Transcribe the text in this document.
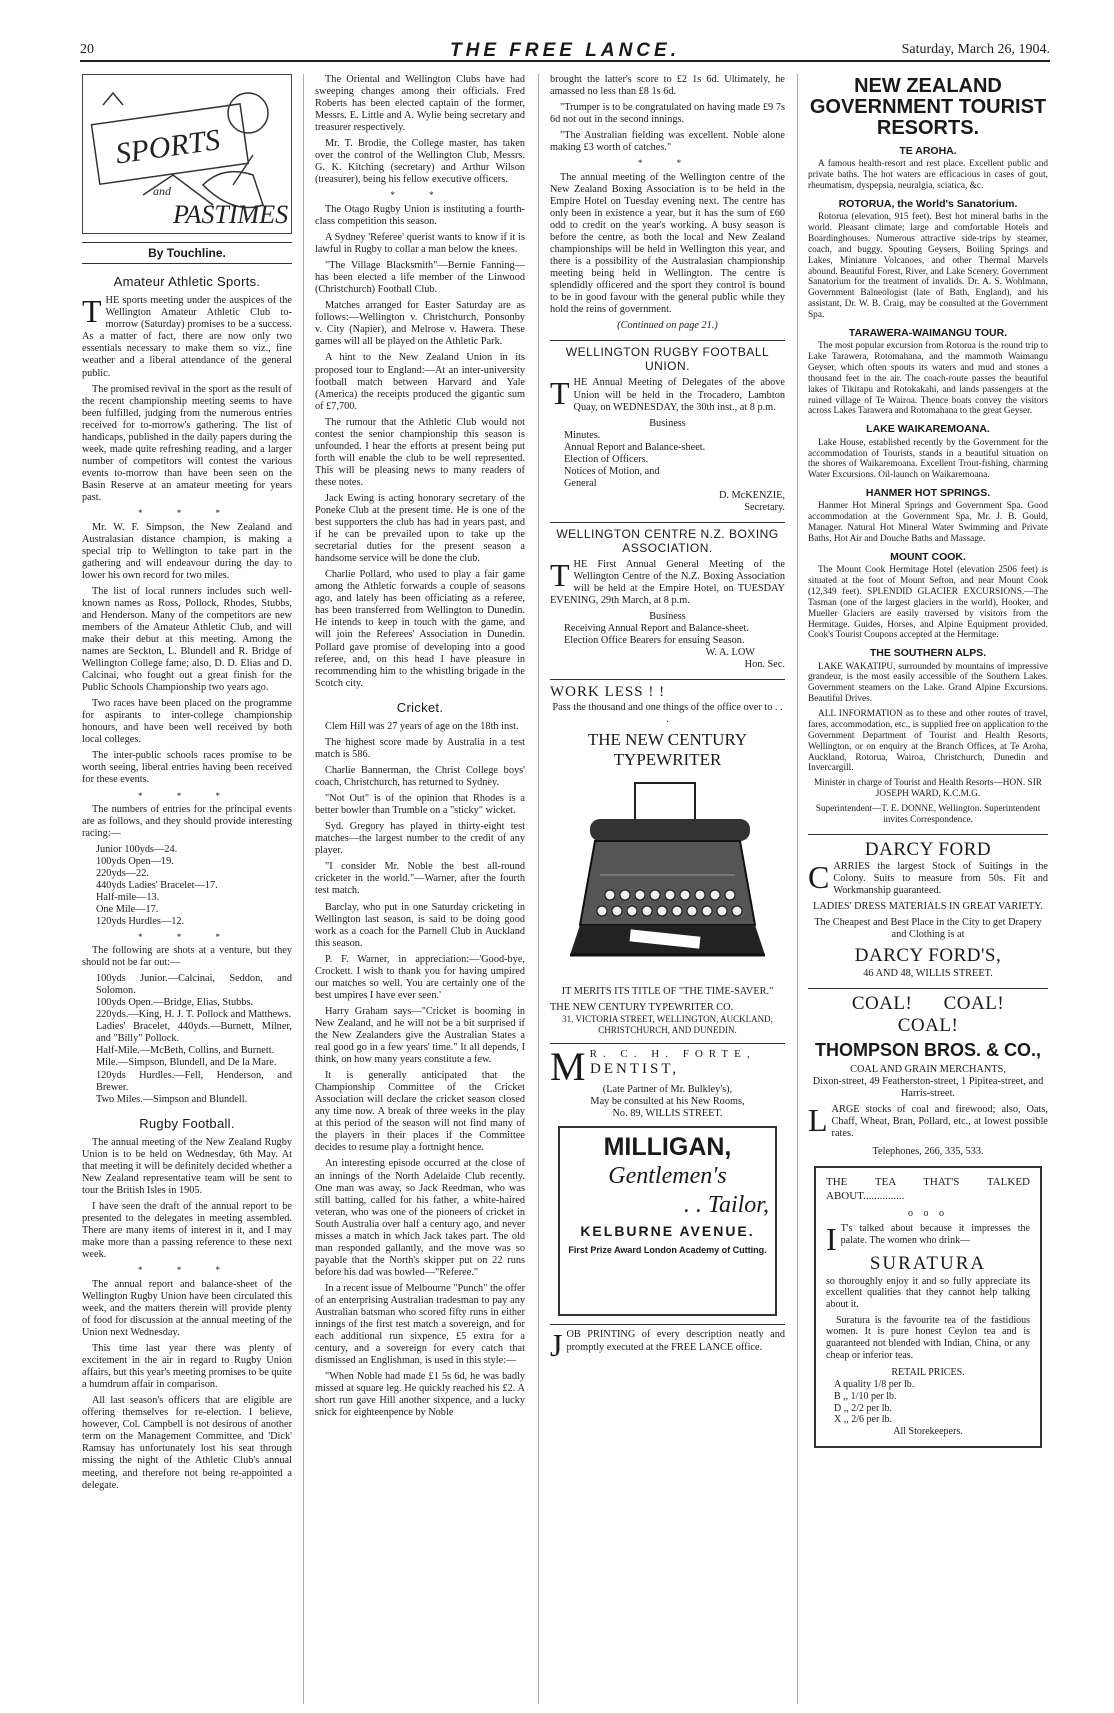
20	THE FREE LANCE.	Saturday, March 26, 1904.
SPORTS
and
PASTIMES
By Touchline.
Amateur Athletic Sports.

THE sports meeting under the auspices of the Wellington Amateur Athletic Club to-morrow (Saturday) promises to be a success. As a matter of fact, there are now only two essentials necessary to make them so viz., fine weather and a liberal attendance of the general public.

The promised revival in the sport as the result of the recent championship meeting seems to have been fulfilled, judging from the numerous entries received for to-morrow's gathering. The list of handicaps, published in the daily papers during the week, made quite refreshing reading, and a larger number of competitors will contest the various events to-morrow than have been seen on the Basin Reserve at an amateur meeting for years past.

* * *

Mr. W. F. Simpson, the New Zealand and Australasian distance champion, is making a special trip to Wellington to take part in the gathering and will endeavour during the day to lower his own record for two miles.

The list of local runners includes such well-known names as Ross, Pollock, Rhodes, Stubbs, and Henderson. Many of the competitors are new members of the Amateur Athletic Club, and will make their debut at this meeting. Among the names are Seckton, L. Blundell and R. Bridge of Wellington College fame; also, D. D. Elias and D. Calcinai, who fought out a great finish for the Public Schools Championship two years ago.

Two races have been placed on the programme for aspirants to inter-college championship honours, and have been well received by both local colleges.

The inter-public schools races promise to be worth seeing, liberal entries having been received for these events.

* * *

The numbers of entries for the principal events are as follows, and they should provide interesting racing:—

Junior 100yds—24.
100yds Open—19.
220yds—22.
440yds Ladies' Bracelet—17.
Half-mile—13.
One Mile—17.
120yds Hurdles—12.
* * *

The following are shots at a venture, but they should not be far out:—

100yds Junior.—Calcinai, Seddon, and Solomon.
100yds Open.—Bridge, Elias, Stubbs.
220yds.—King, H. J. T. Pollock and Matthews.
Ladies' Bracelet, 440yds.—Burnett, Milner, and "Billy" Pollock.
Half-Mile.—McBeth, Collins, and Burnett.
Mile.—Simpson, Blundell, and De la Mare.
120yds Hurdles.—Fell, Henderson, and Brewer.
Two Miles.—Simpson and Blundell.
Rugby Football.

The annual meeting of the New Zealand Rugby Union is to be held on Wednesday, 6th May. At that meeting it will be definitely decided whether a New Zealand representative team will be sent to tour the British Isles in 1905.

I have seen the draft of the annual report to be presented to the delegates in meeting assembled. There are many items of interest in it, and I may make more than a passing reference to these next week.

* * *

The annual report and balance-sheet of the Wellington Rugby Union have been circulated this week, and the matters therein will provide plenty of food for discussion at the annual meeting of the Union next Wednesday.

This time last year there was plenty of excitement in the air in regard to Rugby Union affairs, but this year's meeting promises to be quite a humdrum affair in comparison.

All last season's officers that are eligible are offering themselves for re-election. I believe, however, Col. Campbell is not desirous of another term on the Management Committee, and 'Dick' Ramsay has unfortunately lost his seat through missing the night of the Athletic Club's annual meeting, and therefore not being re-appointed a delegate.

The Oriental and Wellington Clubs have had sweeping changes among their officials. Fred Roberts has been elected captain of the former, Messrs. E. Little and A. Wylie being secretary and treasurer respectively.

Mr. T. Brodie, the College master, has taken over the control of the Wellington Club, Messrs. G. K. Kitching (secretary) and Arthur Wilson (treasurer), being his fellow executive officers.

* *

The Otago Rugby Union is instituting a fourth-class competition this season.

A Sydney 'Referee' querist wants to know if it is lawful in Rugby to collar a man below the knees.

"The Village Blacksmith"—Bernie Fanning—has been elected a life member of the Linwood (Christchurch) Football Club.

Matches arranged for Easter Saturday are as follows:—Wellington v. Christchurch, Ponsonby v. City (Napier), and Melrose v. Hawera. These games will all be played on the Athletic Park.

A hint to the New Zealand Union in its proposed tour to England:—At an inter-university football match between Harvard and Yale (America) the receipts produced the gigantic sum of £7,700.

The rumour that the Athletic Club would not contest the senior championship this season is unfounded. I hear the efforts at present being put forth will enable the club to be well represented. This will be pleasing news to many readers of these notes.

Jack Ewing is acting honorary secretary of the Poneke Club at the present time. He is one of the best supporters the club has had in years past, and if he can be prevailed upon to take up the secretarial duties for the present season a handsome service will be done the club.

Charlie Pollard, who used to play a fair game among the Athletic forwards a couple of seasons ago, and lately has been officiating as a referee, has been transferred from Wellington to Dunedin. He intends to keep in touch with the game, and will join the Referees' Association in Dunedin. Pollard gave promise of developing into a good referee, and, on this head I have pleasure in recommending him to the whistling brigade in the Scotch city.

Cricket.

Clem Hill was 27 years of age on the 18th inst.

The highest score made by Australia in a test match is 586.

Charlie Bannerman, the Christ College boys' coach, Christchurch, has returned to Sydney.

"Not Out" is of the opinion that Rhodes is a better bowler than Trumble on a "sticky" wicket.

Syd. Gregory has played in thirty-eight test matches—the largest number to the credit of any player.

"I consider Mr. Noble the best all-round cricketer in the world."—Warner, after the fourth test match.

Barclay, who put in one Saturday cricketing in Wellington last season, is said to be doing good work as a coach for the Parnell Club in Auckland this season.

P. F. Warner, in appreciation:—'Good-bye, Crockett. I wish to thank you for having umpired our matches so well. You are certainly one of the best umpires I have ever seen.'

Harry Graham says—"Cricket is booming in New Zealand, and he will not be a bit surprised if the New Zealanders give the Australian States a real good go in a few years' time." It all depends, I think, on how many years constitute a few.

It is generally anticipated that the Championship Committee of the Cricket Association will declare the cricket season closed any time now. A break of three weeks in the play at this period of the season will not find many of the players in their places if the Committee decides to resume play a fortnight hence.

An interesting episode occurred at the close of an innings of the North Adelaide Club recently. One man was away, so Jack Reedman, who was still batting, called for his father, a white-haired veteran, who was one of the pioneers of cricket in South Australia over half a century ago, and never misses a match in which Jack takes part. The old man responded gallantly, and the move was so payable that the North's skipper put on 22 runs before his dad was bowled—"Referee."

In a recent issue of Melbourne "Punch" the offer of an enterprising Australian tradesman to pay any Australian batsman who scored fifty runs in either innings of the first test match a sovereign, and for each additional run sixpence, £5 extra for a century, and a sovereign for every catch that dismissed an Englishman, is used in this style:—

"When Noble had made £1 5s 6d, he was badly missed at square leg. He quickly reached his £2. A short run gave Hill another sixpence, and a lucky snick for eighteenpence by Noble

brought the latter's score to £2 1s 6d. Ultimately, he amassed no less than £8 1s 6d.

"Trumper is to be congratulated on having made £9 7s 6d not out in the second innings.

"The Australian fielding was excellent. Noble alone making £3 worth of catches."

* *

The annual meeting of the Wellington centre of the New Zealand Boxing Association is to be held in the Empire Hotel on Tuesday evening next. The centre has only been in existence a year, but it has the sum of £60 odd to credit on the year's working. A busy season is before the centre, as both the local and New Zealand championships will be held in Wellington this year, and there is a possibility of the Australasian championship meeting being held in Wellington. The centre is splendidly officered and the sport they control is bound to be in good favour with the general public while they hold the reins of government.

(Continued on page 21.)
WELLINGTON RUGBY FOOTBALL UNION.

THE Annual Meeting of Delegates of the above Union will be held in the Trocadero, Lambton Quay, on WEDNESDAY, the 30th inst., at 8 p.m.

Business
Minutes.
Annual Report and Balance-sheet.
Election of Officers.
Notices of Motion, and
General
D. McKENZIE,
Secretary.
WELLINGTON CENTRE N.Z. BOXING ASSOCIATION.

THE First Annual General Meeting of the Wellington Centre of the N.Z. Boxing Association will be held at the Empire Hotel, on TUESDAY EVENING, 29th March, at 8 p.m.

Business
Receiving Annual Report and Balance-sheet.
Election Office Bearers for ensuing Season.
W. A. LOW
Hon. Sec.
WORK LESS ! !
Pass the thousand and one things of the office over to . . .
THE NEW CENTURY TYPEWRITER
IT MERITS ITS TITLE OF "THE TIME-SAVER."
THE NEW CENTURY TYPEWRITER CO.
31, VICTORIA STREET, WELLINGTON, AUCKLAND, CHRISTCHURCH, AND DUNEDIN.
M R. C. H. FORTE,
DENTIST,
(Late Partner of Mr. Bulkley's),
May be consulted at his New Rooms,
No. 89, WILLIS STREET.
MILLIGAN,
Gentlemen's
. . Tailor,
KELBURNE AVENUE.
First Prize Award London Academy of Cutting.

JOB PRINTING of every description neatly and promptly executed at the FREE LANCE office.

NEW ZEALAND GOVERNMENT TOURIST RESORTS.
TE AROHA.

A famous health-resort and rest place. Excellent public and private baths. The hot waters are efficacious in cases of gout, rheumatism, dyspepsia, neuralgia, sciatica, &c.

ROTORUA, the World's Sanatorium.

Rotorua (elevation, 915 feet). Best hot mineral baths in the world. Pleasant climate; large and comfortable Hotels and Boardinghouses. Numerous attractive side-trips by steamer, coach, and buggy. Spouting Geysers, Boiling Springs and Lakes, Miniature Volcanoes, and other Thermal Marvels abound. Beautiful Forest, River, and Lake Scenery. Government Sanatorium for the treatment of invalids. Dr. A. S. Wohlmann, Government Balneologist (late of Bath, England), and his assistant, Dr. W. B. Craig, may be consulted at the Government Spa.

TARAWERA-WAIMANGU TOUR.

The most popular excursion from Rotorua is the round trip to Lake Tarawera, Rotomahana, and the mammoth Waimangu Geyser, which often spouts its waters and mud and stones a thousand feet in the air. The coach-route passes the beautiful lakes of Tikitapu and Rotokakahi, and lands passengers at the ruined village of Te Wairoa. Thence boats convey the visitors across Lakes Tarawera and Rotomahana to the great Geyser.

LAKE WAIKAREMOANA.

Lake House, established recently by the Government for the accommodation of Tourists, stands in a beautiful situation on the shores of Waikaremoana. Excellent Trout-fishing, charming Water Excursions. Oil-launch on Waikaremoana.

HANMER HOT SPRINGS.

Hanmer Hot Mineral Springs and Government Spa. Good accommodation at the Government Spa, Mr. J. B. Gould, Manager. Natural Hot Mineral Water Swimming and Private Baths, Hot Air and Douche Baths and Massage.

MOUNT COOK.

The Mount Cook Hermitage Hotel (elevation 2506 feet) is situated at the foot of Mount Sefton, and near Mount Cook (12,349 feet). SPLENDID GLACIER EXCURSIONS.—The Tasman (one of the largest glaciers in the world), Hooker, and Mueller Glaciers are easily traversed by visitors from the Hermitage. Guides, Horses, and Alpine Equipment provided. Cook's Tourist Coupons accepted at the Hermitage.

THE SOUTHERN ALPS.

LAKE WAKATIPU, surrounded by mountains of impressive grandeur, is the most easily accessible of the Southern Lakes. Government steamers on the Lake. Grand Alpine Excursions. Beautiful Drives.

ALL INFORMATION as to these and other routes of travel, fares, accommodation, etc., is supplied free on application to the Government Department of Tourist and Health Resorts, Wellington, or on enquiry at the Branch Offices, at Te Aroha, Auckland, Rotorua, Wairoa, Christchurch, Dunedin and Invercargill.

Minister in charge of Tourist and Health Resorts—HON. SIR JOSEPH WARD, K.C.M.G.

Superintendent—T. E. DONNE, Wellington. Superintendent invites Correspondence.

DARCY FORD

CARRIES the largest Stock of Suitings in the Colony. Suits to measure from 50s. Fit and Workmanship guaranteed.

LADIES' DRESS MATERIALS IN GREAT VARIETY.
The Cheapest and Best Place in the City to get Drapery and Clothing is at
DARCY FORD'S,
46 AND 48, WILLIS STREET.
COAL! COAL! COAL!
THOMPSON BROS. & CO.,
COAL AND GRAIN MERCHANTS,
Dixon-street, 49 Featherston-street, 1 Pipitea-street, and Harris-street.

LARGE stocks of coal and firewood; also, Oats, Chaff, Wheat, Bran, Pollard, etc., at lowest possible rates.

Telephones, 266, 335, 533.
THE TEA THAT'S TALKED ABOUT...............
o o o

I T's talked about because it impresses the palate. The women who drink—

SURATURA

so thoroughly enjoy it and so fully appreciate its excellent qualities that they cannot help talking about it.

Suratura is the favourite tea of the fastidious women. It is pure honest Ceylon tea and is guaranteed not blended with Indian, China, or any cheap or inferior teas.

RETAIL PRICES.
A quality 1/8 per lb.
B ,, 1/10 per lb.
D ,, 2/2 per lb.
X ,, 2/6 per lb.
All Storekeepers.
